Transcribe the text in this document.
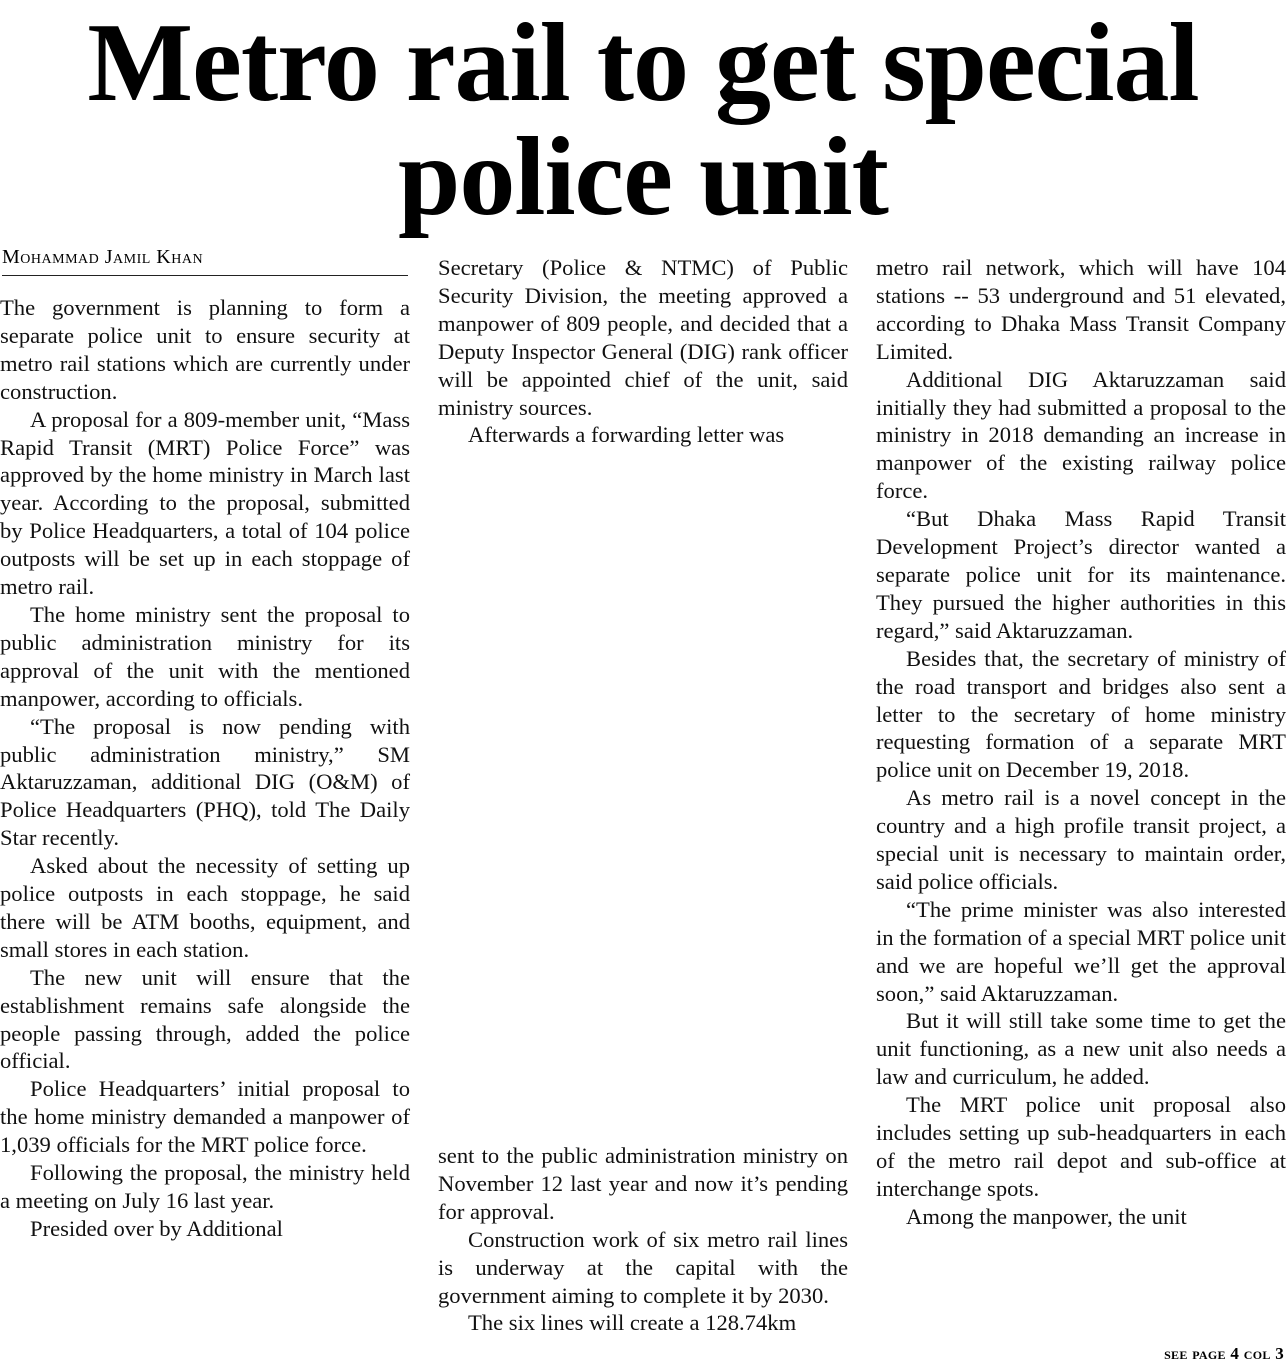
Metro rail to get special police unit
Mohammad Jamil Khan

The government is planning to form a separate police unit to ensure security at metro rail stations which are currently under construction.

A proposal for a 809-member unit, “Mass Rapid Transit (MRT) Police Force” was approved by the home ministry in March last year. According to the proposal, submitted by Police Headquarters, a total of 104 police outposts will be set up in each stoppage of metro rail.

The home ministry sent the proposal to public administration ministry for its approval of the unit with the mentioned manpower, according to officials.

“The proposal is now pending with public administration ministry,” SM Aktaruzzaman, additional DIG (O&M) of Police Headquarters (PHQ), told The Daily Star recently.

Asked about the necessity of setting up police outposts in each stoppage, he said there will be ATM booths, equipment, and small stores in each station.

The new unit will ensure that the establishment remains safe alongside the people passing through, added the police official.

Police Headquarters’ initial proposal to the home ministry demanded a manpower of 1,039 officials for the MRT police force.

Following the proposal, the ministry held a meeting on July 16 last year.

Presided over by Additional

Secretary (Police & NTMC) of Public Security Division, the meeting approved a manpower of 809 people, and decided that a Deputy Inspector General (DIG) rank officer will be appointed chief of the unit, said ministry sources.

Afterwards a forwarding letter was

sent to the public administration ministry on November 12 last year and now it’s pending for approval.

Construction work of six metro rail lines is underway at the capital with the government aiming to complete it by 2030.

The six lines will create a 128.74km

metro rail network, which will have 104 stations -- 53 underground and 51 elevated, according to Dhaka Mass Transit Company Limited.

Additional DIG Aktaruzzaman said initially they had submitted a proposal to the ministry in 2018 demanding an increase in manpower of the existing railway police force.

“But Dhaka Mass Rapid Transit Development Project’s director wanted a separate police unit for its maintenance. They pursued the higher authorities in this regard,” said Aktaruzzaman.

Besides that, the secretary of ministry of the road transport and bridges also sent a letter to the secretary of home ministry requesting formation of a separate MRT police unit on December 19, 2018.

As metro rail is a novel concept in the country and a high profile transit project, a special unit is necessary to maintain order, said police officials.

“The prime minister was also interested in the formation of a special MRT police unit and we are hopeful we’ll get the approval soon,” said Aktaruzzaman.

But it will still take some time to get the unit functioning, as a new unit also needs a law and curriculum, he added.

The MRT police unit proposal also includes setting up sub-headquarters in each of the metro rail depot and sub-office at interchange spots.

Among the manpower, the unit

see page 4 col 3
